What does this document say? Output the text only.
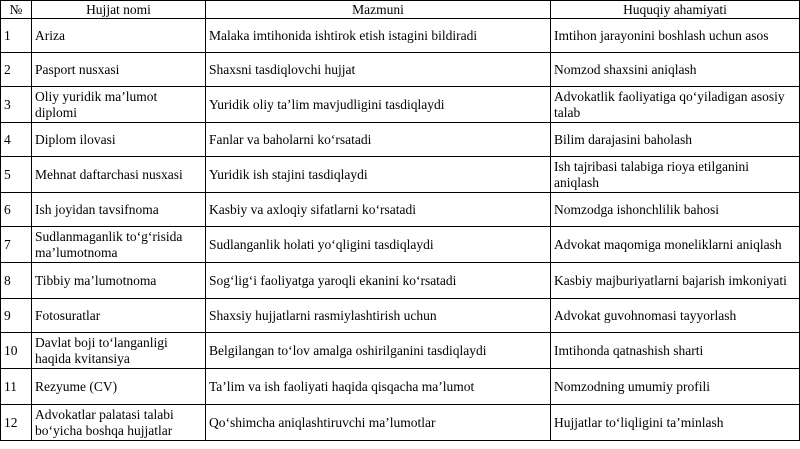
№	Hujjat nomi	Mazmuni	Huquqiy ahamiyati
1	Ariza	Malaka imtihonida ishtirok etish istagini bildiradi	Imtihon jarayonini boshlash uchun asos
2	Pasport nusxasi	Shaxsni tasdiqlovchi hujjat	Nomzod shaxsini aniqlash
3	Oliy yuridik maʼlumot diplomi	Yuridik oliy taʼlim mavjudligini tasdiqlaydi	Advokatlik faoliyatiga qoʻyiladigan asosiy talab
4	Diplom ilovasi	Fanlar va baholarni koʻrsatadi	Bilim darajasini baholash
5	Mehnat daftarchasi nusxasi	Yuridik ish stajini tasdiqlaydi	Ish tajribasi talabiga rioya etilganini aniqlash
6	Ish joyidan tavsifnoma	Kasbiy va axloqiy sifatlarni koʻrsatadi	Nomzodga ishonchlilik bahosi
7	Sudlanmaganlik toʻgʻrisida maʼlumotnoma	Sudlanganlik holati yoʻqligini tasdiqlaydi	Advokat maqomiga moneliklarni aniqlash
8	Tibbiy maʼlumotnoma	Sogʻligʻi faoliyatga yaroqli ekanini koʻrsatadi	Kasbiy majburiyatlarni bajarish imkoniyati
9	Fotosuratlar	Shaxsiy hujjatlarni rasmiylashtirish uchun	Advokat guvohnomasi tayyorlash
10	Davlat boji toʻlanganligi haqida kvitansiya	Belgilangan toʻlov amalga oshirilganini tasdiqlaydi	Imtihonda qatnashish sharti
11	Rezyume (CV)	Taʼlim va ish faoliyati haqida qisqacha maʼlumot	Nomzodning umumiy profili
12	Advokatlar palatasi talabi boʻyicha boshqa hujjatlar	Qoʻshimcha aniqlashtiruvchi maʼlumotlar	Hujjatlar toʻliqligini taʼminlash
